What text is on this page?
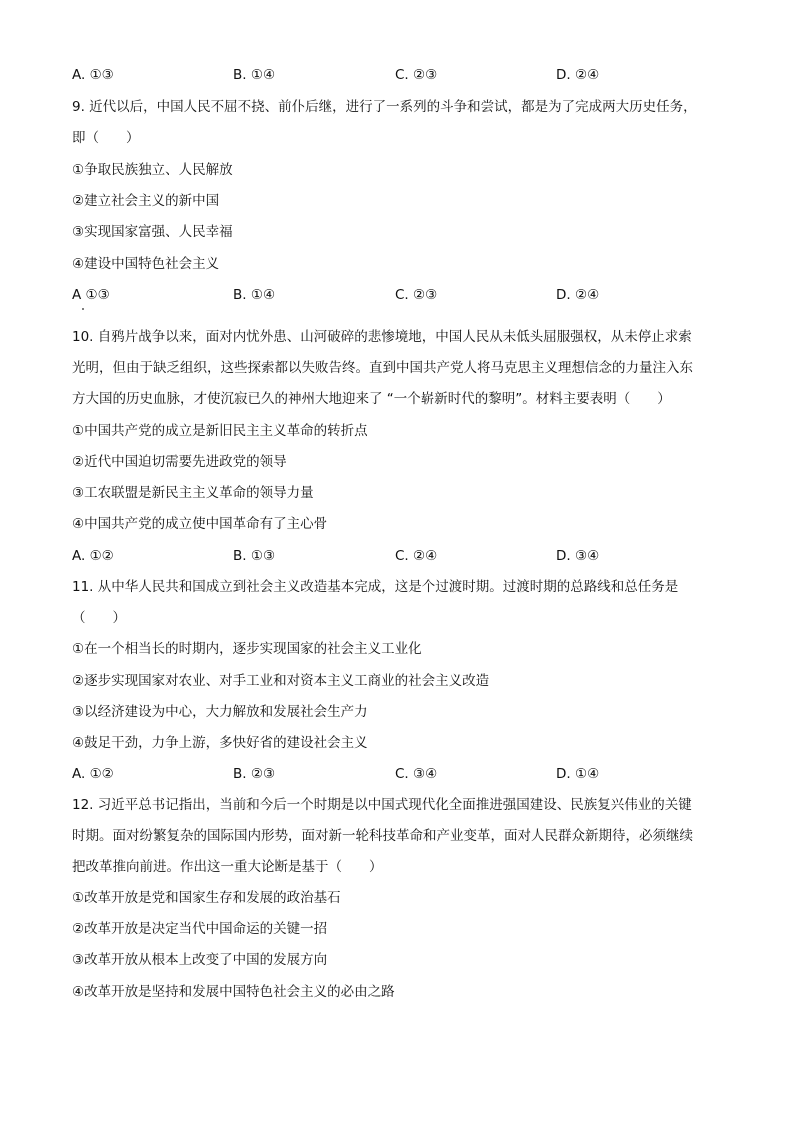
A. ①③	B. ①④	C. ②③	D. ②④
9. 近代以后，中国人民不屈不挠、前仆后继，进行了一系列的斗争和尝试，都是为了完成两大历史任务，
即（　　）
①争取民族独立、人民解放
②建立社会主义的新中国
③实现国家富强、人民幸福
④建设中国特色社会主义
A ①③	B. ①④	C. ②③	D. ②④
10. 自鸦片战争以来，面对内忧外患、山河破碎的悲惨境地，中国人民从未低头屈服强权，从未停止求索
光明，但由于缺乏组织，这些探索都以失败告终。直到中国共产党人将马克思主义理想信念的力量注入东
方大国的历史血脉，才使沉寂已久的神州大地迎来了 “一个崭新时代的黎明”。材料主要表明（　　）
①中国共产党的成立是新旧民主主义革命的转折点
②近代中国迫切需要先进政党的领导
③工农联盟是新民主主义革命的领导力量
④中国共产党的成立使中国革命有了主心骨
A. ①②	B. ①③	C. ②④	D. ③④
11. 从中华人民共和国成立到社会主义改造基本完成，这是个过渡时期。过渡时期的总路线和总任务是
（　　）
①在一个相当长的时期内，逐步实现国家的社会主义工业化
②逐步实现国家对农业、对手工业和对资本主义工商业的社会主义改造
③以经济建设为中心，大力解放和发展社会生产力
④鼓足干劲，力争上游，多快好省的建设社会主义
A. ①②	B. ②③	C. ③④	D. ①④
12. 习近平总书记指出，当前和今后一个时期是以中国式现代化全面推进强国建设、民族复兴伟业的关键
时期。面对纷繁复杂的国际国内形势，面对新一轮科技革命和产业变革，面对人民群众新期待，必须继续
把改革推向前进。作出这一重大论断是基于（　　）
①改革开放是党和国家生存和发展的政治基石
②改革开放是决定当代中国命运的关键一招
③改革开放从根本上改变了中国的发展方向
④改革开放是坚持和发展中国特色社会主义的必由之路
